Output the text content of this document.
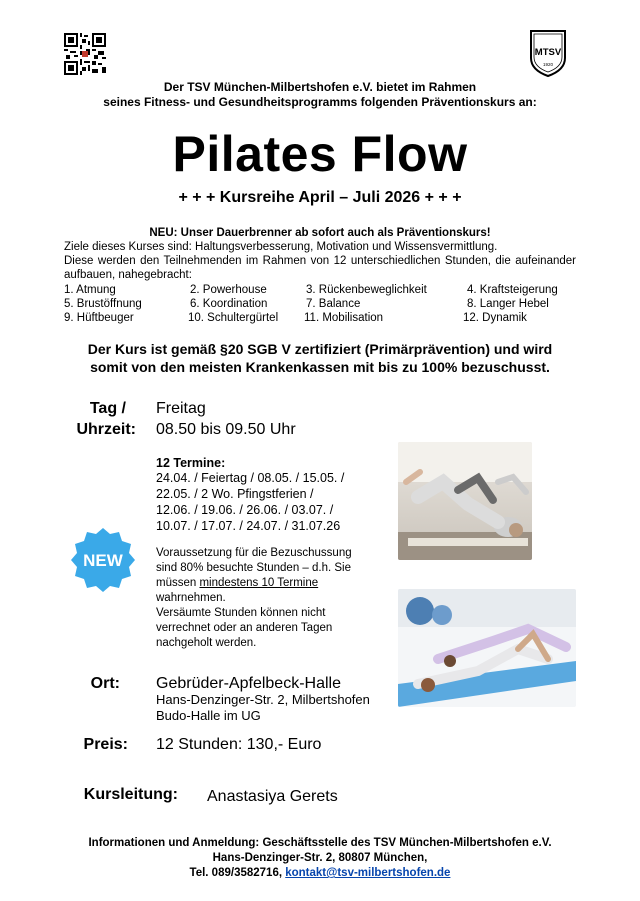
MTSV
1920
Der TSV München-Milbertshofen e.V. bietet im Rahmen
seines Fitness- und Gesundheitsprogramms folgenden Präventionskurs an:
Pilates Flow
+ + + Kursreihe April – Juli 2026 + + +
NEU: Unser Dauerbrenner ab sofort auch als Präventionskurs!
Ziele dieses Kurses sind: Haltungsverbesserung, Motivation und Wissensvermittlung.
Diese werden den Teilnehmenden im Rahmen von 12 unterschiedlichen Stunden, die aufeinander aufbauen, nahegebracht:
1. Atmung	2. Powerhouse	3. Rückenbeweglichkeit	4. Kraftsteigerung
5. Brustöffnung	6. Koordination	7. Balance	8. Langer Hebel
9. Hüftbeuger	10. Schultergürtel 11. Mobilisation	12. Dynamik
Der Kurs ist gemäß §20 SGB V zertifiziert (Primärprävention) und wird
somit von den meisten Krankenkassen mit bis zu 100% bezuschusst.
Tag /
Uhrzeit:
Freitag
08.50 bis 09.50 Uhr
12 Termine:
24.04. / Feiertag / 08.05. / 15.05. /
22.05. / 2 Wo. Pfingstferien /
12.06. / 19.06. / 26.06. / 03.07. /
10.07. / 17.07. / 24.07. / 31.07.26
NEW	Voraussetzung für die Bezuschussung
sind 80% besuchte Stunden – d.h. Sie
müssen mindestens 10 Termine
wahrnehmen.
Versäumte Stunden können nicht
verrechnet oder an anderen Tagen
nachgeholt werden.
Ort: Gebrüder-Apfelbeck-Halle
Hans-Denzinger-Str. 2, Milbertshofen
Budo-Halle im UG
Preis: 12 Stunden: 130,- Euro
Kursleitung: Anastasiya Gerets
Informationen und Anmeldung: Geschäftsstelle des TSV München-Milbertshofen e.V.
Hans-Denzinger-Str. 2, 80807 München,
Tel. 089/3582716, kontakt@tsv-milbertshofen.de
